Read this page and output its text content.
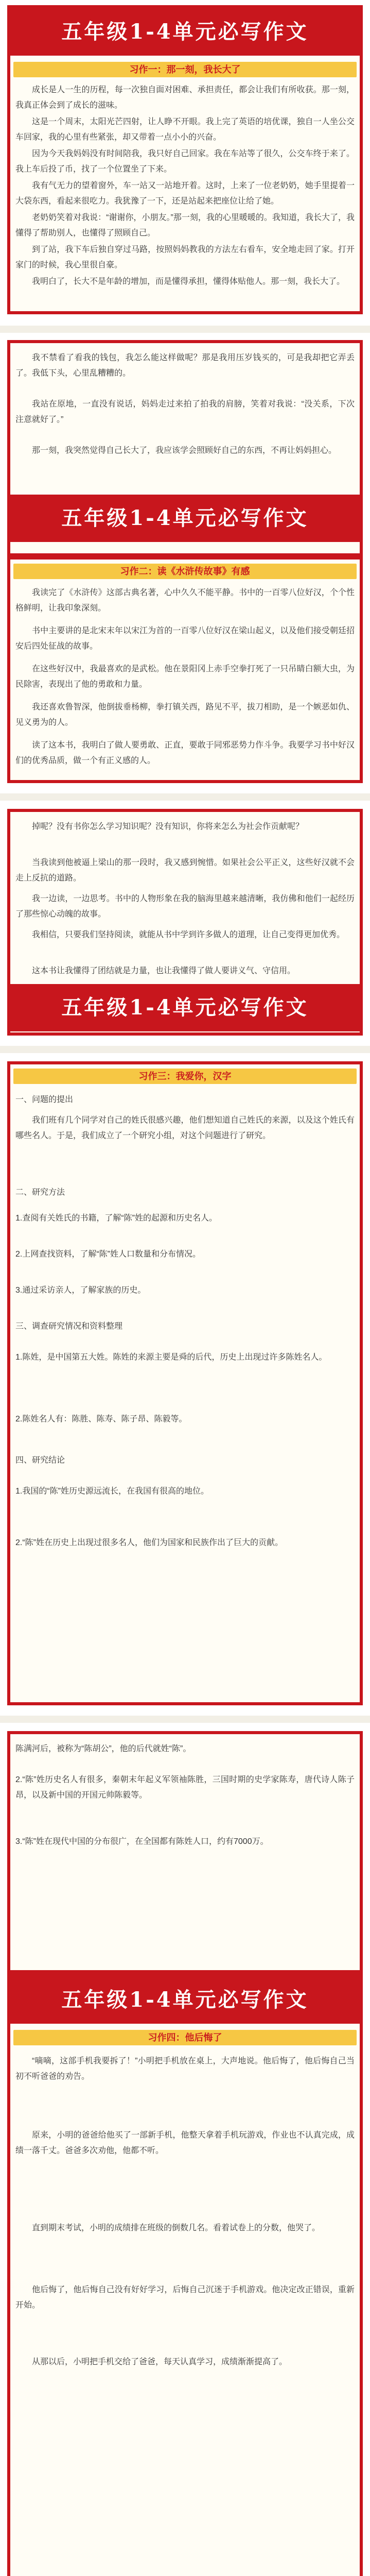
五年级1-4单元必写作文
习作一：那一刻，我长大了
成长是人一生的历程，每一次独自面对困难、承担责任，都会让我们有所收获。那一刻，我真正体会到了成长的滋味。
这是一个周末，太阳光芒四射，让人睁不开眼。我上完了英语的培优课，独自一人坐公交车回家，我的心里有些紧张，却又带着一点小小的兴奋。
因为今天我妈妈没有时间陪我，我只好自己回家。我在车站等了很久，公交车终于来了。我上车后投了币，找了一个位置坐了下来。
我有气无力的望着窗外，车一站又一站地开着。这时，上来了一位老奶奶，她手里提着一大袋东西，看起来很吃力。我犹豫了一下，还是站起来把座位让给了她。
老奶奶笑着对我说：“谢谢你，小朋友。”那一刻，我的心里暖暖的。我知道，我长大了，我懂得了帮助别人，也懂得了照顾自己。
到了站，我下车后独自穿过马路，按照妈妈教我的方法左右看车，安全地走回了家。打开家门的时候，我心里很自豪。
我明白了，长大不是年龄的增加，而是懂得承担，懂得体贴他人。那一刻，我长大了。
我不禁看了看我的钱包，我怎么能这样做呢？那是我用压岁钱买的，可是我却把它弄丢了。我低下头，心里乱糟糟的。
我站在原地，一直没有说话，妈妈走过来拍了拍我的肩膀，笑着对我说：“没关系，下次注意就好了。”
那一刻，我突然觉得自己长大了，我应该学会照顾好自己的东西，不再让妈妈担心。
五年级1-4单元必写作文
习作二：读《水浒传故事》有感
我读完了《水浒传》这部古典名著，心中久久不能平静。书中的一百零八位好汉，个个性格鲜明，让我印象深刻。
书中主要讲的是北宋末年以宋江为首的一百零八位好汉在梁山起义，以及他们接受朝廷招安后四处征战的故事。
在这些好汉中，我最喜欢的是武松。他在景阳冈上赤手空拳打死了一只吊睛白额大虫，为民除害，表现出了他的勇敢和力量。
我还喜欢鲁智深，他倒拔垂杨柳，拳打镇关西，路见不平，拔刀相助，是一个嫉恶如仇、见义勇为的人。
读了这本书，我明白了做人要勇敢、正直，要敢于同邪恶势力作斗争。我要学习书中好汉们的优秀品质，做一个有正义感的人。
掉呢？没有书你怎么学习知识呢？没有知识，你将来怎么为社会作贡献呢？
当我读到他被逼上梁山的那一段时，我又感到惋惜。如果社会公平正义，这些好汉就不会走上反抗的道路。
我一边读，一边思考。书中的人物形象在我的脑海里越来越清晰，我仿佛和他们一起经历了那些惊心动魄的故事。
我相信，只要我们坚持阅读，就能从书中学到许多做人的道理，让自己变得更加优秀。
这本书让我懂得了团结就是力量，也让我懂得了做人要讲义气、守信用。
五年级1-4单元必写作文
习作三：我爱你，汉字
一、问题的提出
我们班有几个同学对自己的姓氏很感兴趣，他们想知道自己姓氏的来源，以及这个姓氏有哪些名人。于是，我们成立了一个研究小组，对这个问题进行了研究。
二、研究方法
1.查阅有关姓氏的书籍，了解“陈”姓的起源和历史名人。
2.上网查找资料，了解“陈”姓人口数量和分布情况。
3.通过采访亲人，了解家族的历史。
三、调查研究情况和资料整理
1.陈姓，是中国第五大姓。陈姓的来源主要是舜的后代，历史上出现过许多陈姓名人。
2.陈姓名人有：陈胜、陈寿、陈子昂、陈毅等。
四、研究结论
1.我国的“陈”姓历史源远流长，在我国有很高的地位。
2.“陈”姓在历史上出现过很多名人，他们为国家和民族作出了巨大的贡献。
陈满河后，被称为“陈胡公”，他的后代就姓“陈”。
2.“陈”姓历史名人有很多，秦朝末年起义军领袖陈胜，三国时期的史学家陈寿，唐代诗人陈子昂，以及新中国的开国元帅陈毅等。
3.“陈”姓在现代中国的分布很广，在全国都有陈姓人口，约有7000万。
五年级1-4单元必写作文
习作四：他后悔了
“嘀嘀，这部手机我要拆了！”小明把手机放在桌上，大声地说。他后悔了，他后悔自己当初不听爸爸的劝告。
原来，小明的爸爸给他买了一部新手机，他整天拿着手机玩游戏，作业也不认真完成，成绩一落千丈。爸爸多次劝他，他都不听。
直到期末考试，小明的成绩排在班级的倒数几名。看着试卷上的分数，他哭了。
他后悔了，他后悔自己没有好好学习，后悔自己沉迷于手机游戏。他决定改正错误，重新开始。
从那以后，小明把手机交给了爸爸，每天认真学习，成绩渐渐提高了。
